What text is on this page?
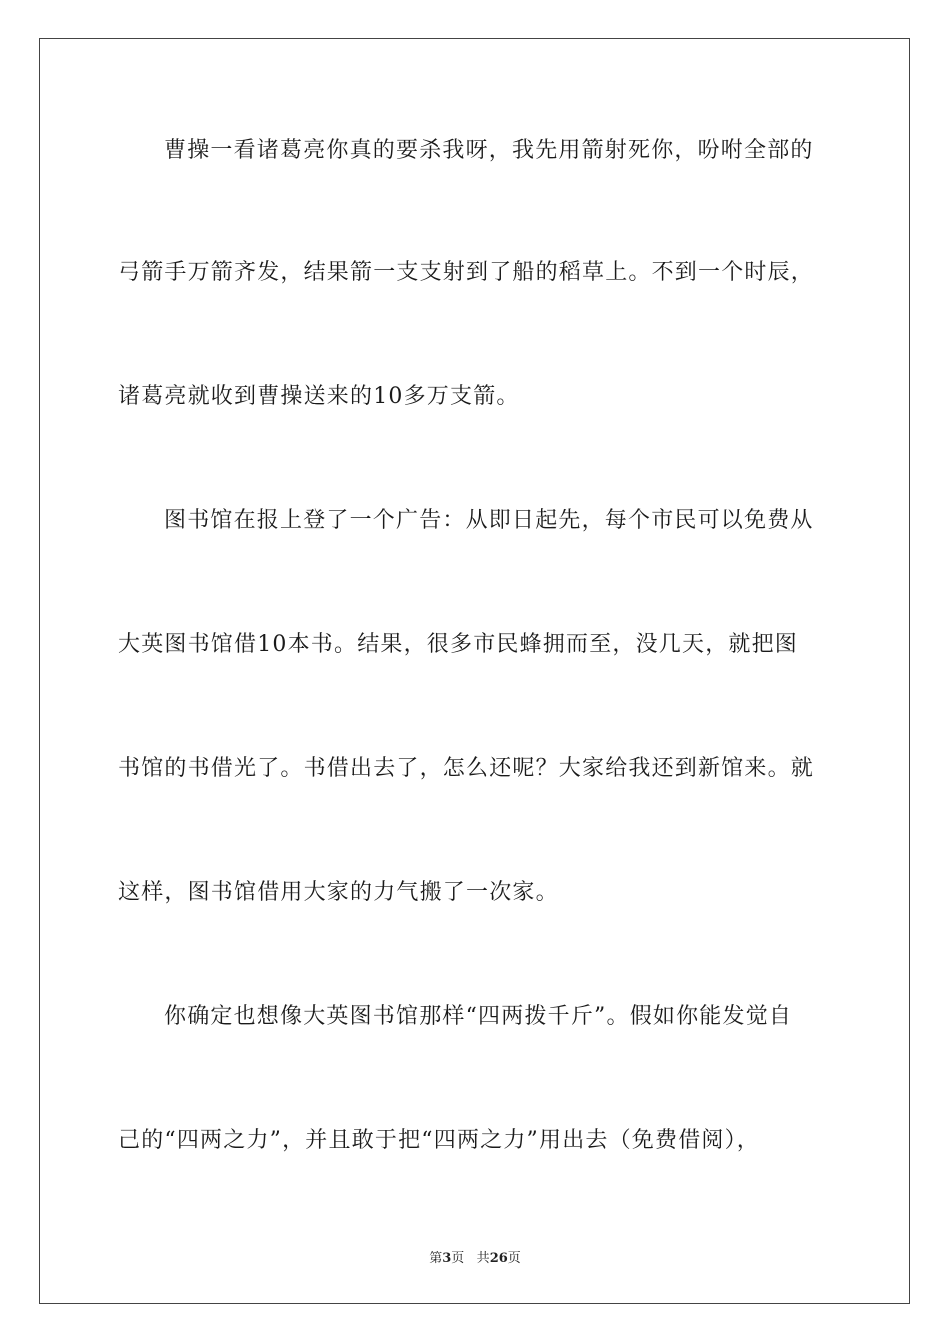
曹操一看诸葛亮你真的要杀我呀，我先用箭射死你，吩咐全部的
弓箭手万箭齐发，结果箭一支支射到了船的稻草上。不到一个时辰，
诸葛亮就收到曹操送来的10多万支箭。
图书馆在报上登了一个广告：从即日起先，每个市民可以免费从
大英图书馆借10本书。结果，很多市民蜂拥而至，没几天，就把图
书馆的书借光了。书借出去了，怎么还呢？大家给我还到新馆来。就
这样，图书馆借用大家的力气搬了一次家。
你确定也想像大英图书馆那样“四两拨千斤”。假如你能发觉自
己的“四两之力”，并且敢于把“四两之力”用出去（免费借阅），
第3页 共26页
